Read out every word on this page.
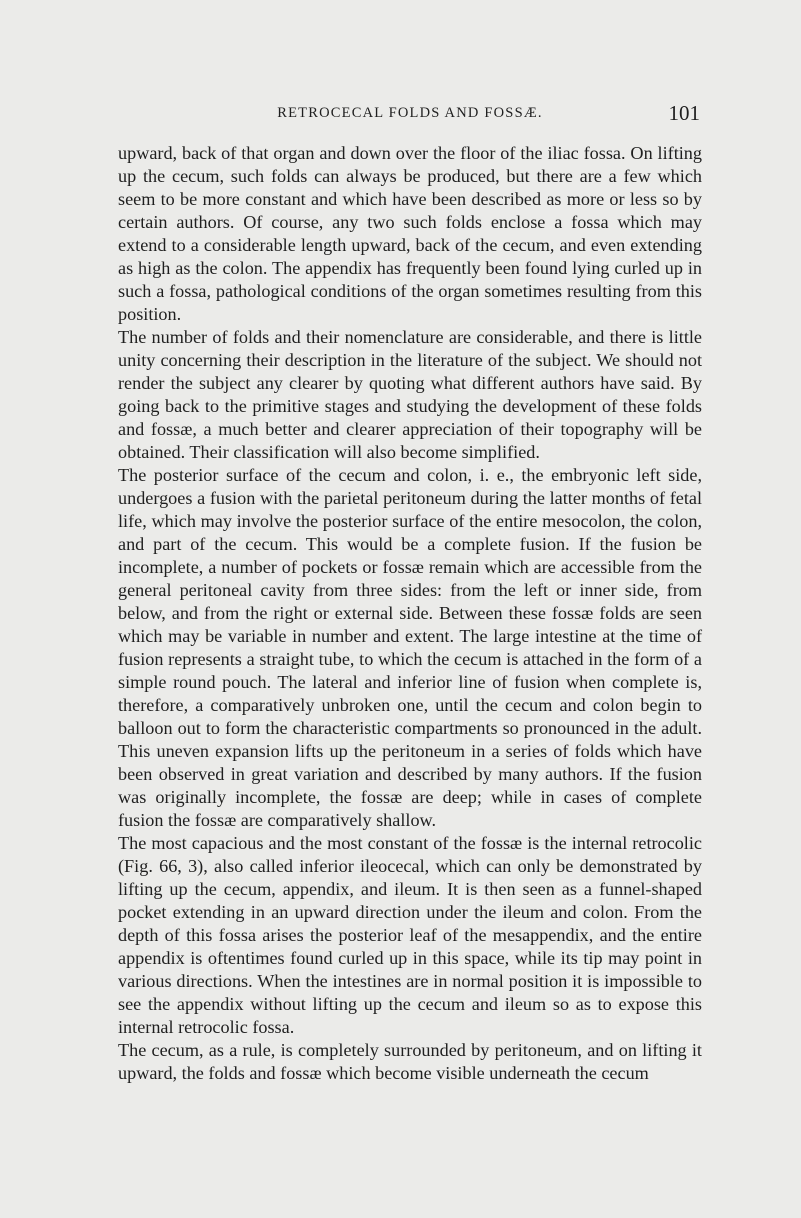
RETROCECAL FOLDS AND FOSSÆ.	101

upward, back of that organ and down over the floor of the iliac fossa. On lifting up the cecum, such folds can always be produced, but there are a few which seem to be more constant and which have been described as more or less so by certain authors. Of course, any two such folds enclose a fossa which may extend to a considerable length upward, back of the cecum, and even extending as high as the colon. The appendix has frequently been found lying curled up in such a fossa, pathological conditions of the organ sometimes resulting from this position.

The number of folds and their nomenclature are considerable, and there is little unity concerning their description in the literature of the subject. We should not render the subject any clearer by quoting what different authors have said. By going back to the primitive stages and studying the development of these folds and fossæ, a much better and clearer appreciation of their topography will be obtained. Their classification will also become simplified.

The posterior surface of the cecum and colon, i. e., the embryonic left side, undergoes a fusion with the parietal peritoneum during the latter months of fetal life, which may involve the posterior surface of the entire mesocolon, the colon, and part of the cecum. This would be a complete fusion. If the fusion be incomplete, a number of pockets or fossæ remain which are accessible from the general peritoneal cavity from three sides: from the left or inner side, from below, and from the right or external side. Between these fossæ folds are seen which may be variable in number and extent. The large intestine at the time of fusion represents a straight tube, to which the cecum is attached in the form of a simple round pouch. The lateral and inferior line of fusion when complete is, therefore, a comparatively unbroken one, until the cecum and colon begin to balloon out to form the characteristic compartments so pronounced in the adult. This uneven expansion lifts up the peritoneum in a series of folds which have been observed in great variation and described by many authors. If the fusion was originally incomplete, the fossæ are deep; while in cases of complete fusion the fossæ are comparatively shallow.

The most capacious and the most constant of the fossæ is the internal retrocolic (Fig. 66, 3), also called inferior ileocecal, which can only be demonstrated by lifting up the cecum, appendix, and ileum. It is then seen as a funnel-shaped pocket extending in an upward direction under the ileum and colon. From the depth of this fossa arises the posterior leaf of the mesappendix, and the entire appendix is oftentimes found curled up in this space, while its tip may point in various directions. When the intestines are in normal position it is impossible to see the appendix without lifting up the cecum and ileum so as to expose this internal retrocolic fossa.

The cecum, as a rule, is completely surrounded by peritoneum, and on lifting it upward, the folds and fossæ which become visible underneath the cecum
